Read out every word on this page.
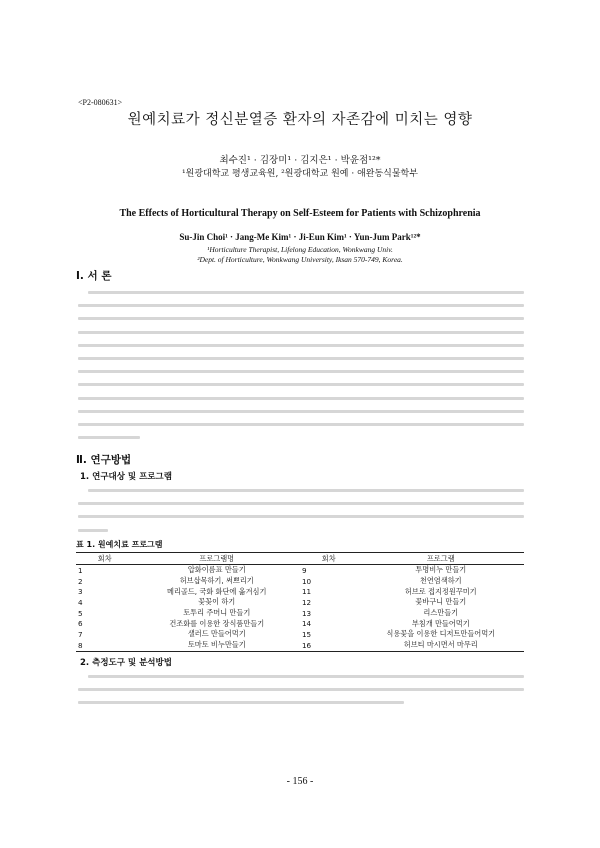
<P2-080631>
원예치료가 정신분열증 환자의 자존감에 미치는 영향
최수진¹ · 김장미¹ · 김지은¹ · 박윤점¹²*
¹원광대학교 평생교육원, ²원광대학교 원예 · 애완동식물학부
The Effects of Horticultural Therapy on Self-Esteem for Patients with Schizophrenia
Su-Jin Choi¹ · Jang-Me Kim¹ · Ji-Eun Kim¹ · Yun-Jum Park¹²*
¹Horticulture Therapist, Lifelong Education, Wonkwang Univ.
²Dept. of Horticulture, Wonkwang University, Iksan 570-749, Korea.
Ⅰ. 서 론
Ⅱ. 연구방법
1. 연구대상 및 프로그램
표 1. 원예치료 프로그램
회차	프로그램명	회차	프로그램
1	압화이름표 만들기	9	투명비누 만들기
2	허브삽목하기, 써쁘리기	10	천연염색하기
3	메리골드, 국화 화단에 옮겨심기	11	허브로 접지정원꾸미기
4	꽃꽂이 하기	12	꽃바구니 만들기
5	토투리 주머니 만들기	13	리스만들기
6	건조화를 이용한 장식품만들기	14	부침개 만들어먹기
7	샐러드 만들어먹기	15	식용꽃을 이용한 디저트만들어먹기
8	토마토 비누만들기	16	허브티 마시면서 마무리
2. 측정도구 및 분석방법
- 156 -
